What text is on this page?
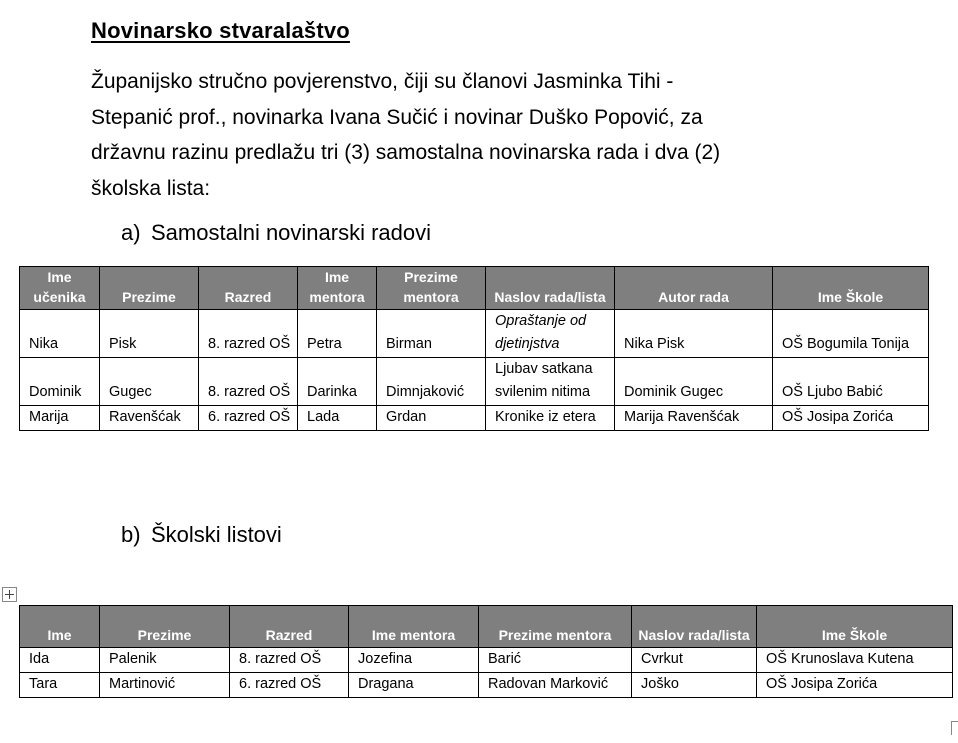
Novinarsko stvaralaštvo
Županijsko stručno povjerenstvo, čiji su članovi Jasminka Tihi -
Stepanić prof., novinarka Ivana Sučić i novinar Duško Popović, za
državnu razinu predlažu tri (3) samostalna novinarska rada i dva (2)
školska lista:
a) Samostalni novinarski radovi
Ime učenika	Prezime	Razred	Ime mentora	Prezime mentora	Naslov rada/lista	Autor rada	Ime Škole
Nika	Pisk	8. razred OŠ	Petra	Birman	Opraštanje od djetinjstva	Nika Pisk	OŠ Bogumila Tonija
Dominik	Gugec	8. razred OŠ	Darinka	Dimnjaković	Ljubav satkana svilenim nitima	Dominik Gugec	OŠ Ljubo Babić
Marija	Ravenšćak	6. razred OŠ	Lada	Grdan	Kronike iz etera	Marija Ravenšćak	OŠ Josipa Zorića
b) Školski listovi
Ime	Prezime	Razred	Ime mentora	Prezime mentora	Naslov rada/lista	Ime Škole
Ida	Palenik	8. razred OŠ	Jozefina	Barić	Cvrkut	OŠ Krunoslava Kutena
Tara	Martinović	6. razred OŠ	Dragana	Radovan Marković	Joško	OŠ Josipa Zorića
